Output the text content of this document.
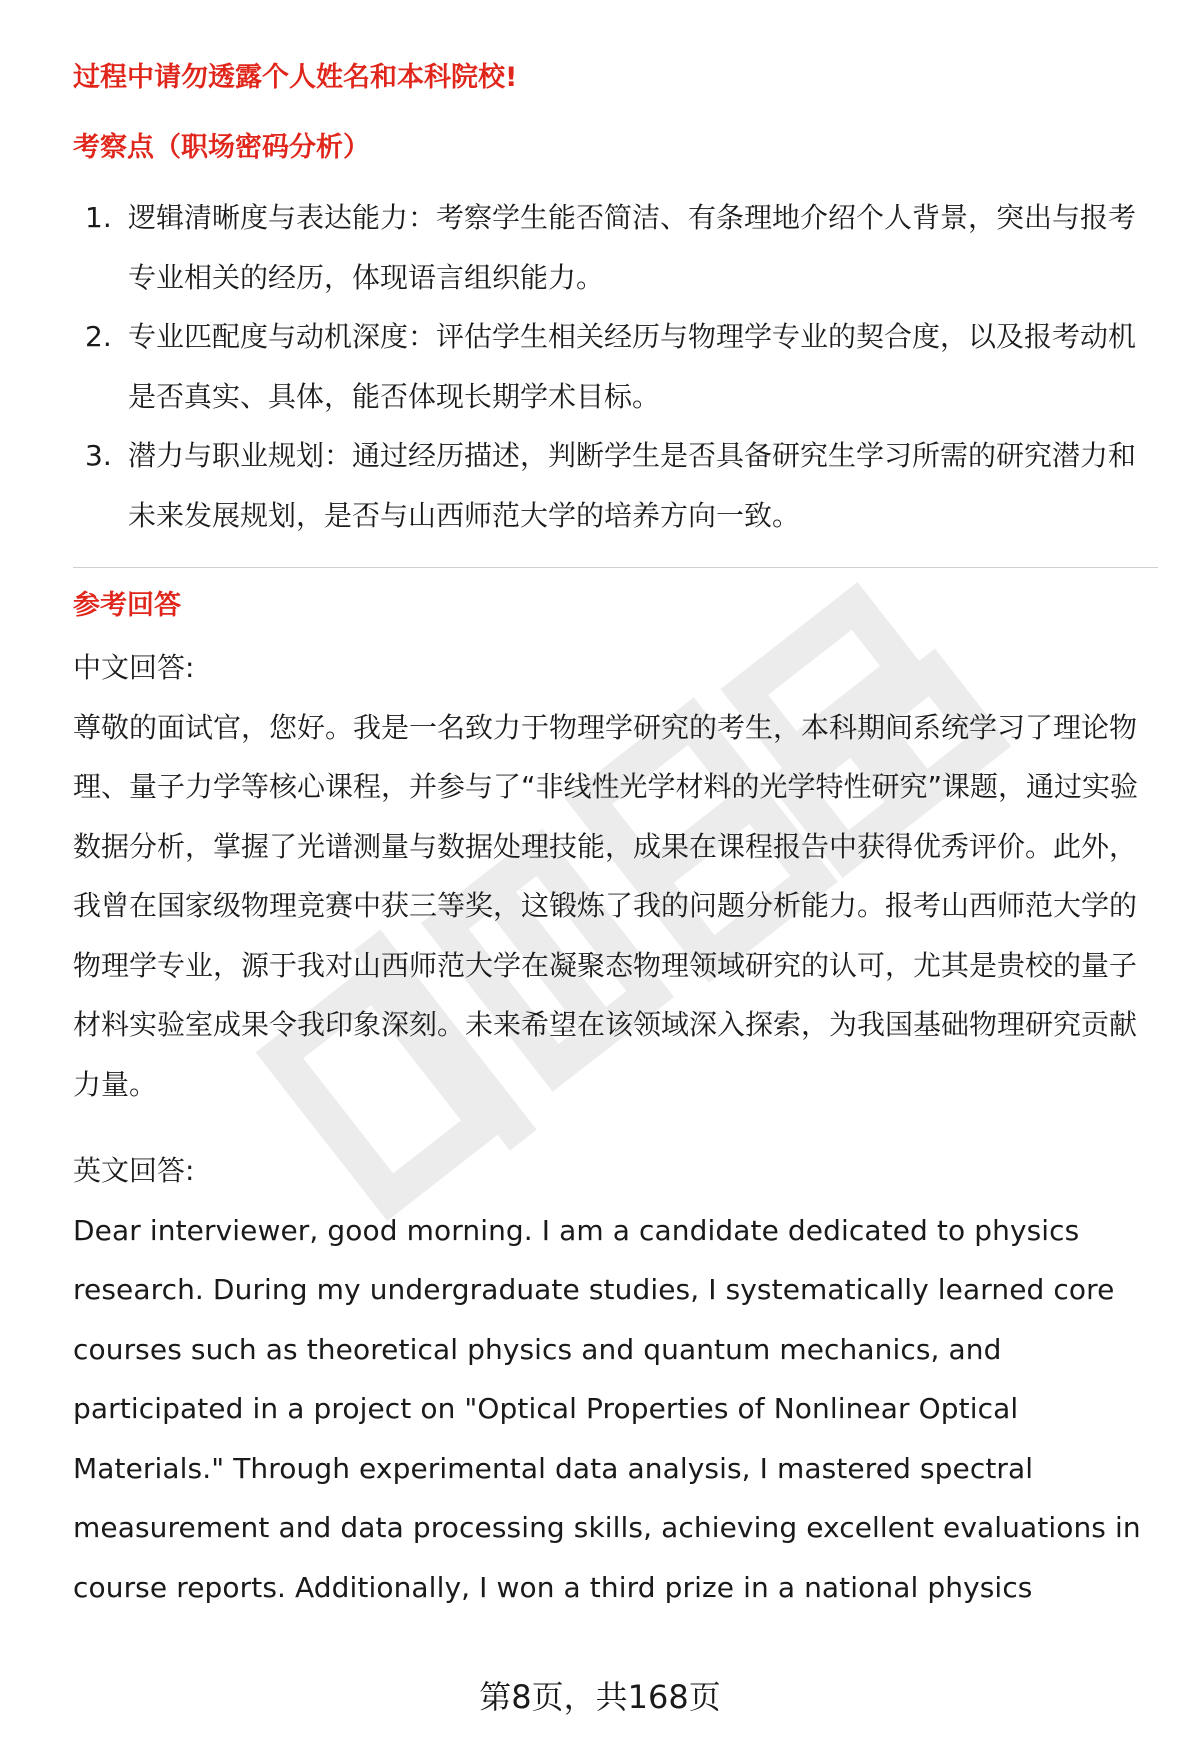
过程中请勿透露个人姓名和本科院校!

考察点（职场密码分析）
1. 逻辑清晰度与表达能力：考察学生能否简洁、有条理地介绍个人背景，突出与报考专业相关的经历，体现语言组织能力。
2. 专业匹配度与动机深度：评估学生相关经历与物理学专业的契合度，以及报考动机是否真实、具体，能否体现长期学术目标。
3. 潜力与职业规划：通过经历描述，判断学生是否具备研究生学习所需的研究潜力和未来发展规划，是否与山西师范大学的培养方向一致。
参考回答

中文回答:

尊敬的面试官，您好。我是一名致力于物理学研究的考生，本科期间系统学习了理论物理、量子力学等核心课程，并参与了“非线性光学材料的光学特性研究”课题，通过实验数据分析，掌握了光谱测量与数据处理技能，成果在课程报告中获得优秀评价。此外，我曾在国家级物理竞赛中获三等奖，这锻炼了我的问题分析能力。报考山西师范大学的物理学专业，源于我对山西师范大学在凝聚态物理领域研究的认可，尤其是贵校的量子材料实验室成果令我印象深刻。未来希望在该领域深入探索，为我国基础物理研究贡献力量。

英文回答:

Dear interviewer, good morning. I am a candidate dedicated to physics research. During my undergraduate studies, I systematically learned core courses such as theoretical physics and quantum mechanics, and participated in a project on "Optical Properties of Nonlinear Optical Materials." Through experimental data analysis, I mastered spectral measurement and data processing skills, achieving excellent evaluations in course reports. Additionally, I won a third prize in a national physics

第8页，共168页
